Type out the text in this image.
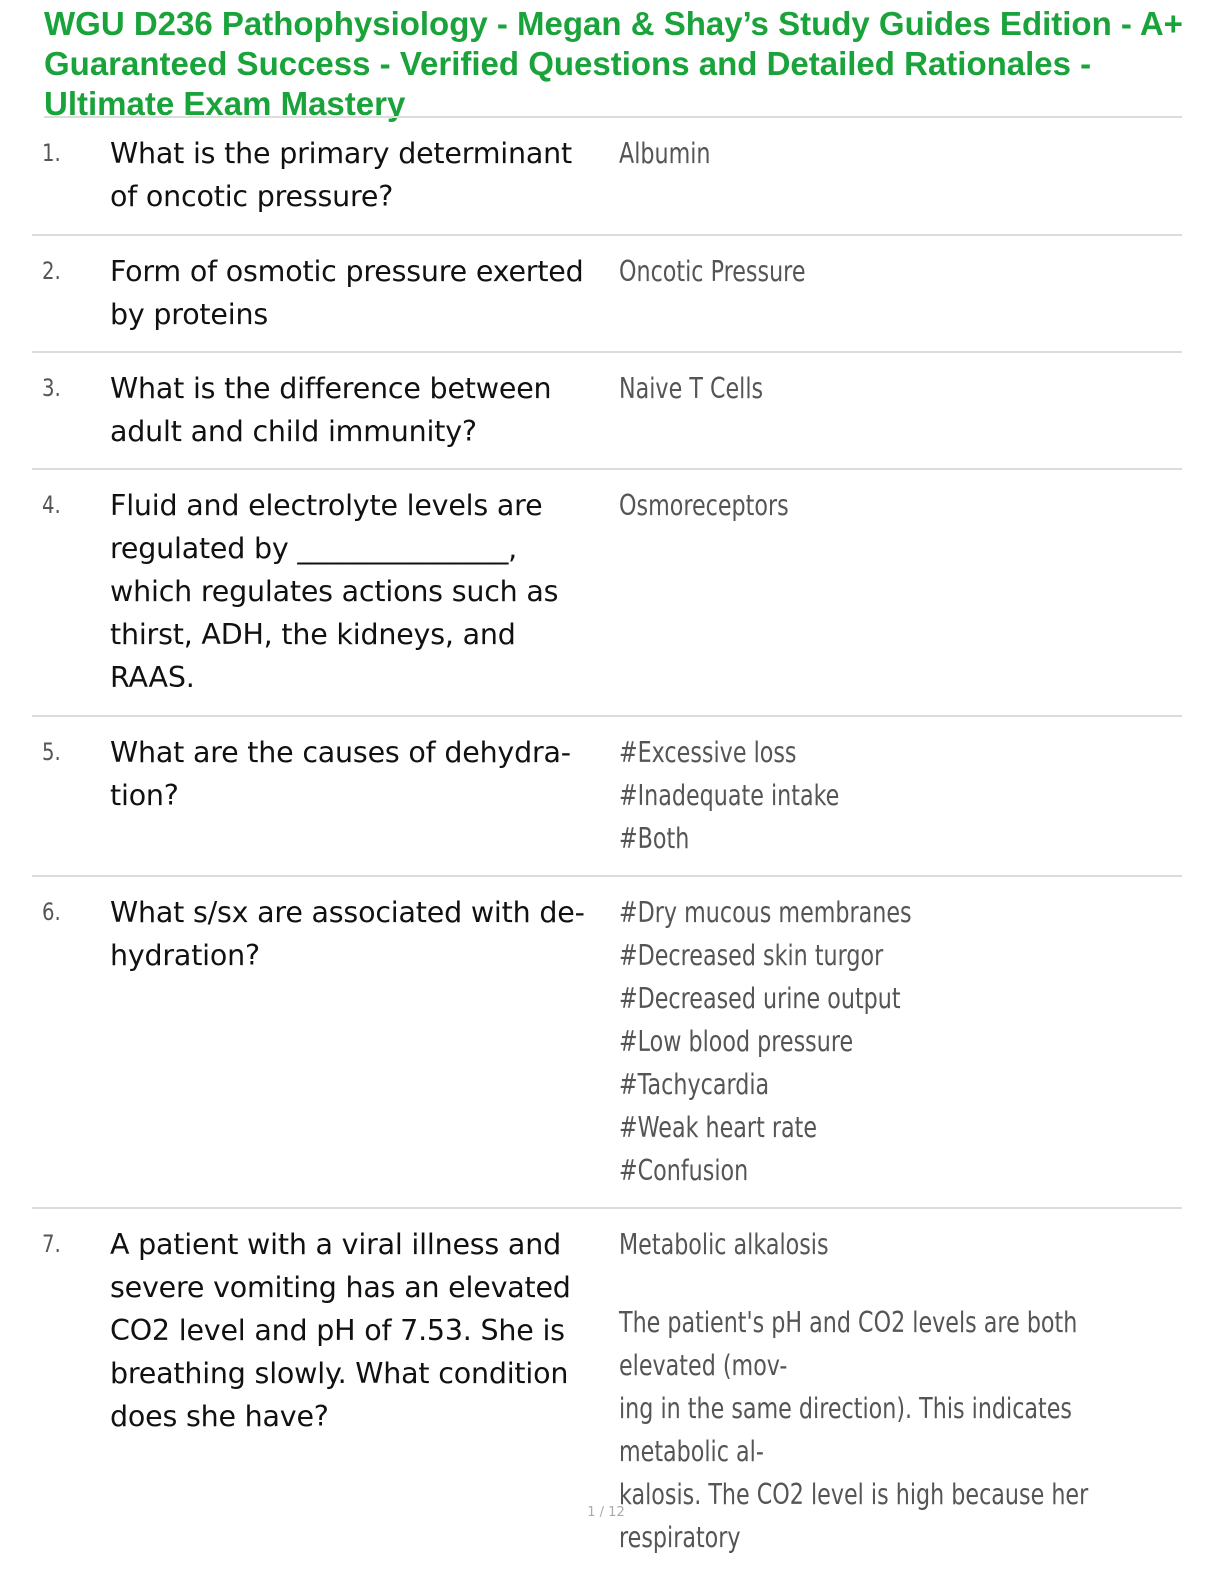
WGU D236 Pathophysiology - Megan & Shay’s Study Guides Edition - A+ Guaranteed Success - Verified Questions and Detailed Rationales - Ultimate Exam Mastery
1. What is the primary determinant
of oncotic pressure?
Albumin
2. Form of osmotic pressure exerted
by proteins
Oncotic Pressure
3. What is the difference between
adult and child immunity?
Naive T Cells
4. Fluid and electrolyte levels are
regulated by _______________,
which regulates actions such as
thirst, ADH, the kidneys, and
RAAS.
Osmoreceptors
5. What are the causes of dehydra-
tion?
#Excessive loss
#Inadequate intake
#Both
6. What s/sx are associated with de-
hydration?
#Dry mucous membranes
#Decreased skin turgor
#Decreased urine output
#Low blood pressure
#Tachycardia
#Weak heart rate
#Confusion
7. A patient with a viral illness and
severe vomiting has an elevated
CO2 level and pH of 7.53. She is
breathing slowly. What condition
does she have?
Metabolic alkalosis
The patient's pH and CO2 levels are both elevated (mov-
ing in the same direction). This indicates metabolic al-
kalosis. The CO2 level is high because her respiratory
1 / 12
